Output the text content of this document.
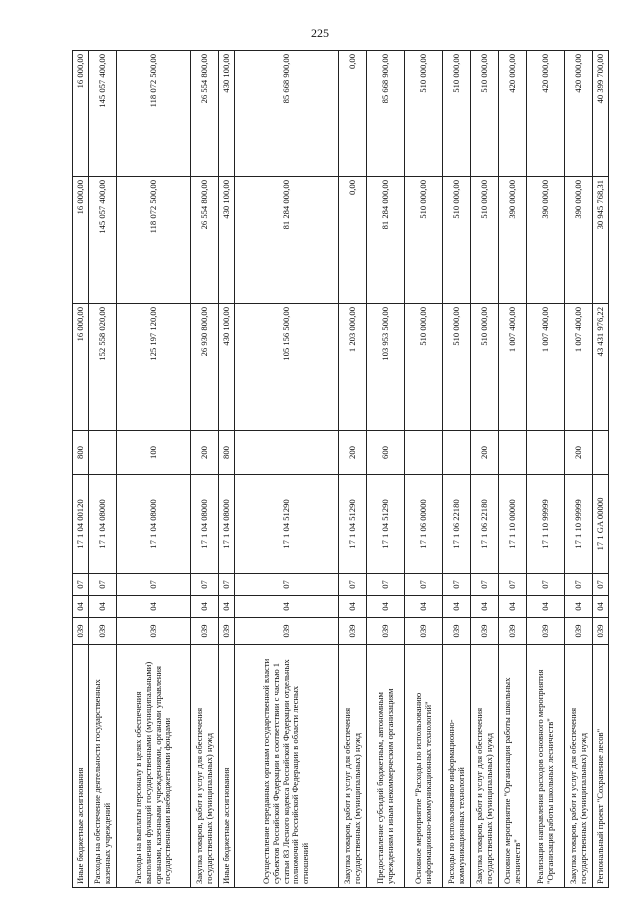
225
Иные бюджетные ассигнования	039	04	07	17 1 04 00120	800	16 000,00	16 000,00	16 000,00
Расходы на обеспечение деятельности государственных казенных учреждений	039	04	07	17 1 04 08000		152 558 020,00	145 057 400,00	145 057 400,00
Расходы на выплаты персоналу в целях обеспечения выполнения функций государственными (муниципальными) органами, казенными учреждениями, органами управления государственными внебюджетными фондами	039	04	07	17 1 04 08000	100	125 197 120,00	118 072 500,00	118 072 500,00
Закупка товаров, работ и услуг для обеспечения государственных (муниципальных) нужд	039	04	07	17 1 04 08000	200	26 930 800,00	26 554 800,00	26 554 800,00
Иные бюджетные ассигнования	039	04	07	17 1 04 08000	800	430 100,00	430 100,00	430 100,00
Осуществление переданных органам государственной власти субъектов Российской Федерации в соответствии с частью 1 статьи 83 Лесного кодекса Российской Федерации отдельных полномочий Российской Федерации в области лесных отношений	039	04	07	17 1 04 51290		105 156 500,00	81 284 000,00	85 668 900,00
Закупка товаров, работ и услуг для обеспечения государственных (муниципальных) нужд	039	04	07	17 1 04 51290	200	1 203 000,00	0,00	0,00
Предоставление субсидий бюджетным, автономным учреждениям и иным некоммерческим организациям	039	04	07	17 1 04 51290	600	103 953 500,00	81 284 000,00	85 668 900,00
Основное мероприятие "Расходы по использованию информационно-коммуникационных технологий"	039	04	07	17 1 06 00000		510 000,00	510 000,00	510 000,00
Расходы по использованию информационно-коммуникационных технологий	039	04	07	17 1 06 22180		510 000,00	510 000,00	510 000,00
Закупка товаров, работ и услуг для обеспечения государственных (муниципальных) нужд	039	04	07	17 1 06 22180	200	510 000,00	510 000,00	510 000,00
Основное мероприятие "Организация работы школьных лесничеств"	039	04	07	17 1 10 00000		1 007 400,00	390 000,00	420 000,00
Реализация направления расходов основного мероприятия "Организация работы школьных лесничеств"	039	04	07	17 1 10 99999		1 007 400,00	390 000,00	420 000,00
Закупка товаров, работ и услуг для обеспечения государственных (муниципальных) нужд	039	04	07	17 1 10 99999	200	1 007 400,00	390 000,00	420 000,00
Региональный проект "Сохранение лесов"	039	04	07	17 1 GA 00000		43 431 976,22	30 945 768,31	40 399 700,00
